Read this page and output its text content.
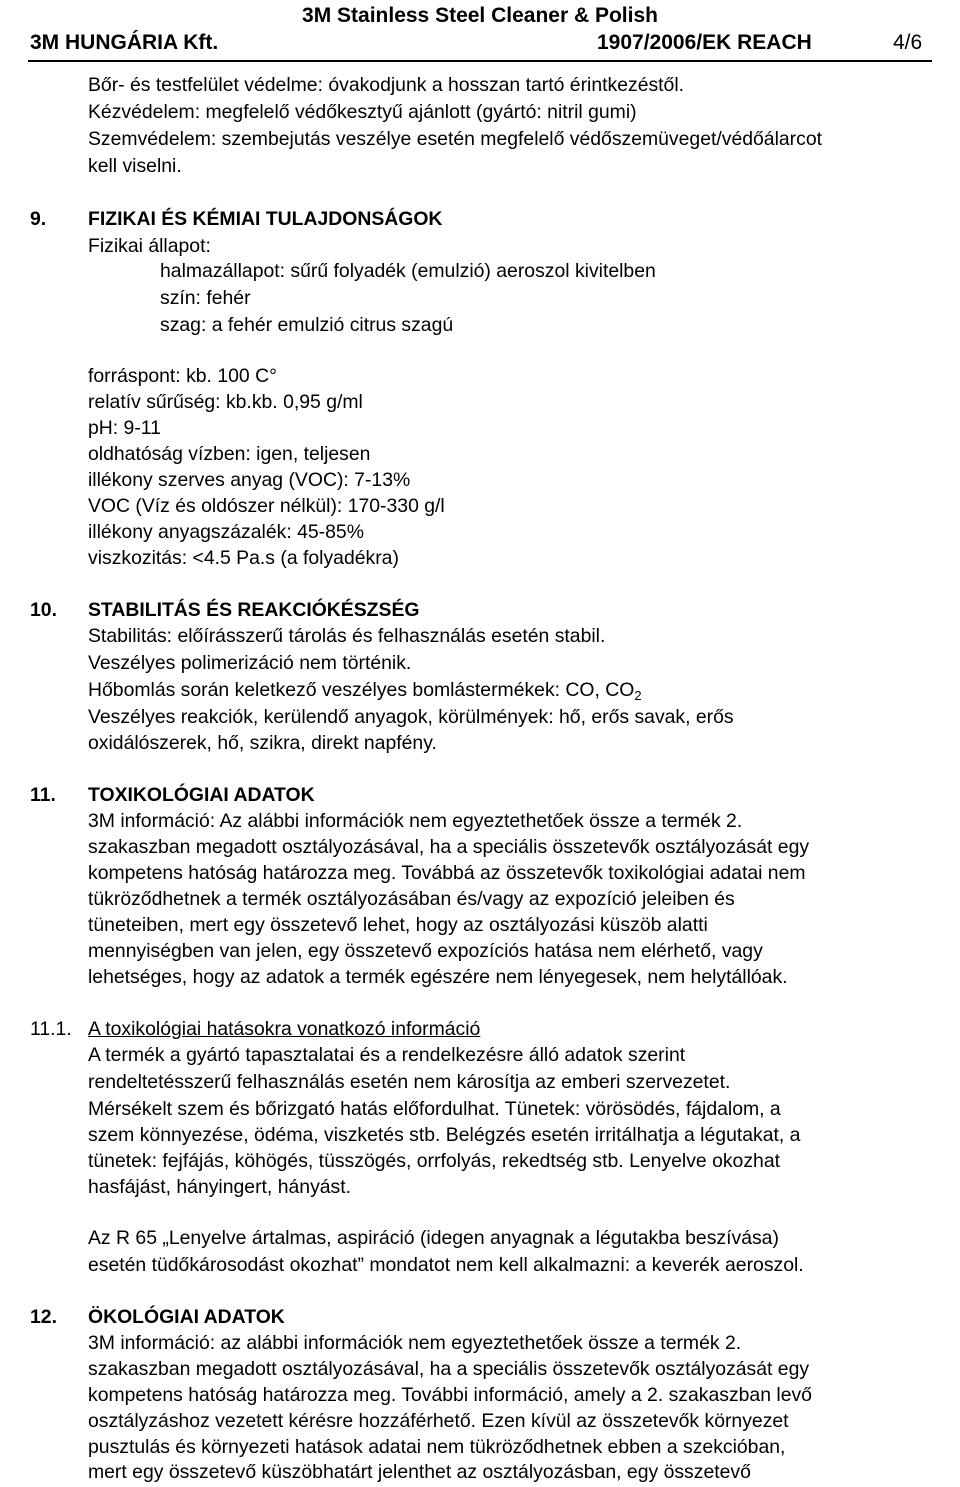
3M Stainless Steel Cleaner & Polish
3M HUNGÁRIA Kft.	1907/2006/EK REACH	4/6
Bőr- és testfelület védelme: óvakodjunk a hosszan tartó érintkezéstől.
Kézvédelem: megfelelő védőkesztyű ajánlott (gyártó: nitril gumi)
Szemvédelem: szembejutás veszélye esetén megfelelő védőszemüveget/védőálarcot
kell viselni.
9. FIZIKAI ÉS KÉMIAI TULAJDONSÁGOK
Fizikai állapot:
halmazállapot: sűrű folyadék (emulzió) aeroszol kivitelben
szín: fehér
szag: a fehér emulzió citrus szagú
forráspont: kb. 100 C°
relatív sűrűség: kb.kb. 0,95 g/ml
pH: 9-11
oldhatóság vízben: igen, teljesen
illékony szerves anyag (VOC): 7-13%
VOC (Víz és oldószer nélkül): 170-330 g/l
illékony anyagszázalék: 45-85%
viszkozitás: <4.5 Pa.s (a folyadékra)
10. STABILITÁS ÉS REAKCIÓKÉSZSÉG
Stabilitás: előírásszerű tárolás és felhasználás esetén stabil.
Veszélyes polimerizáció nem történik.
Hőbomlás során keletkező veszélyes bomlástermékek: CO, $CO_2$
Veszélyes reakciók, kerülendő anyagok, körülmények: hő, erős savak, erős
oxidálószerek, hő, szikra, direkt napfény.
11. TOXIKOLÓGIAI ADATOK
3M információ: Az alábbi információk nem egyeztethetőek össze a termék 2.
szakaszban megadott osztályozásával, ha a speciális összetevők osztályozását egy
kompetens hatóság határozza meg. Továbbá az összetevők toxikológiai adatai nem
tükröződhetnek a termék osztályozásában és/vagy az expozíció jeleiben és
tüneteiben, mert egy összetevő lehet, hogy az osztályozási küszöb alatti
mennyiségben van jelen, egy összetevő expozíciós hatása nem elérhető, vagy
lehetséges, hogy az adatok a termék egészére nem lényegesek, nem helytállóak.
11.1. A toxikológiai hatásokra vonatkozó információ
A termék a gyártó tapasztalatai és a rendelkezésre álló adatok szerint
rendeltetésszerű felhasználás esetén nem károsítja az emberi szervezetet.
Mérsékelt szem és bőrizgató hatás előfordulhat. Tünetek: vörösödés, fájdalom, a
szem könnyezése, ödéma, viszketés stb. Belégzés esetén irritálhatja a légutakat, a
tünetek: fejfájás, köhögés, tüsszögés, orrfolyás, rekedtség stb. Lenyelve okozhat
hasfájást, hányingert, hányást.
Az R 65 „Lenyelve ártalmas, aspiráció (idegen anyagnak a légutakba beszívása)
esetén tüdőkárosodást okozhat” mondatot nem kell alkalmazni: a keverék aeroszol.
12. ÖKOLÓGIAI ADATOK
3M információ: az alábbi információk nem egyeztethetőek össze a termék 2.
szakaszban megadott osztályozásával, ha a speciális összetevők osztályozását egy
kompetens hatóság határozza meg. További információ, amely a 2. szakaszban levő
osztályzáshoz vezetett kérésre hozzáférhető. Ezen kívül az összetevők környezet
pusztulás és környezeti hatások adatai nem tükröződhetnek ebben a szekcióban,
mert egy összetevő küszöbhatárt jelenthet az osztályozásban, egy összetevő
